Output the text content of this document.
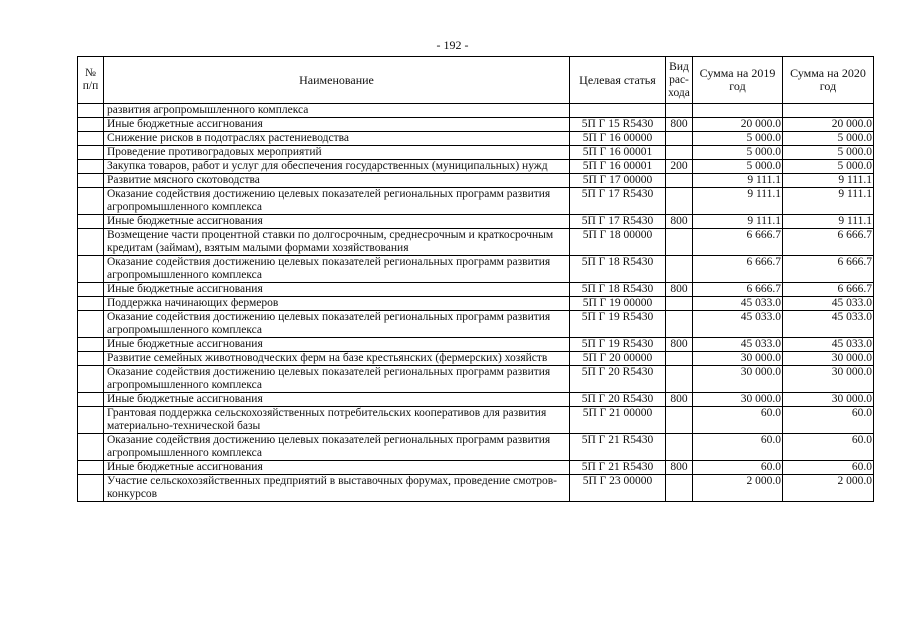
- 192 -
№ п/п	Наименование	Целевая статья	Вид рас-хода	Сумма на 2019 год	Сумма на 2020 год
	развития агропромышленного комплекса				
	Иные бюджетные ассигнования	5П Г 15 R5430	800	20 000.0	20 000.0
	Снижение рисков в подотраслях растениеводства	5П Г 16 00000		5 000.0	5 000.0
	Проведение противоградовых мероприятий	5П Г 16 00001		5 000.0	5 000.0
	Закупка товаров, работ и услуг для обеспечения государственных (муниципальных) нужд	5П Г 16 00001	200	5 000.0	5 000.0
	Развитие мясного скотоводства	5П Г 17 00000		9 111.1	9 111.1
	Оказание содействия достижению целевых показателей региональных программ развития агропромышленного комплекса	5П Г 17 R5430		9 111.1	9 111.1
	Иные бюджетные ассигнования	5П Г 17 R5430	800	9 111.1	9 111.1
	Возмещение части процентной ставки по долгосрочным, среднесрочным и краткосрочным кредитам (займам), взятым малыми формами хозяйствования	5П Г 18 00000		6 666.7	6 666.7
	Оказание содействия достижению целевых показателей региональных программ развития агропромышленного комплекса	5П Г 18 R5430		6 666.7	6 666.7
	Иные бюджетные ассигнования	5П Г 18 R5430	800	6 666.7	6 666.7
	Поддержка начинающих фермеров	5П Г 19 00000		45 033.0	45 033.0
	Оказание содействия достижению целевых показателей региональных программ развития агропромышленного комплекса	5П Г 19 R5430		45 033.0	45 033.0
	Иные бюджетные ассигнования	5П Г 19 R5430	800	45 033.0	45 033.0
	Развитие семейных животноводческих ферм на базе крестьянских (фермерских) хозяйств	5П Г 20 00000		30 000.0	30 000.0
	Оказание содействия достижению целевых показателей региональных программ развития агропромышленного комплекса	5П Г 20 R5430		30 000.0	30 000.0
	Иные бюджетные ассигнования	5П Г 20 R5430	800	30 000.0	30 000.0
	Грантовая поддержка сельскохозяйственных потребительских кооперативов для развития материально-технической базы	5П Г 21 00000		60.0	60.0
	Оказание содействия достижению целевых показателей региональных программ развития агропромышленного комплекса	5П Г 21 R5430		60.0	60.0
	Иные бюджетные ассигнования	5П Г 21 R5430	800	60.0	60.0
	Участие сельскохозяйственных предприятий в выставочных форумах, проведение смотров-конкурсов	5П Г 23 00000		2 000.0	2 000.0
